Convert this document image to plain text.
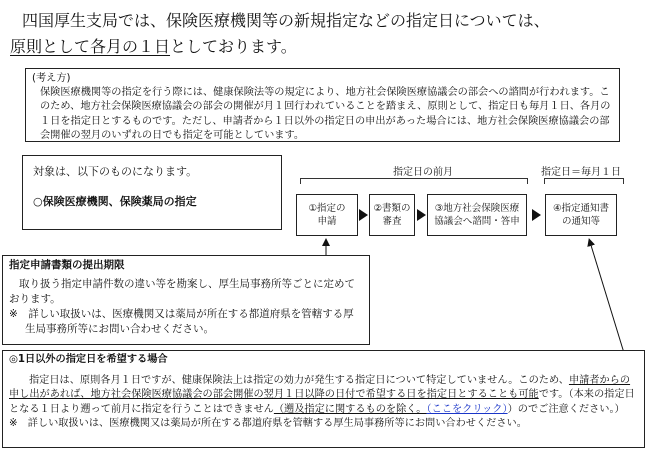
四国厚生支局では、保険医療機関等の新規指定などの指定日については、
原則として各月の１日としております。
(考え方)
保険医療機関等の指定を行う際には、健康保険法等の規定により、地方社会保険医療協議会の部会への諮問が行われます。このため、地方社会保険医療協議会の部会の開催が月１回行われていることを踏まえ、原則として、指定日も毎月１日、各月の１日を指定日とするものです。ただし、申請者から１日以外の指定日の申出があった場合には、地方社会保険医療協議会の部会開催の翌月のいずれの日でも指定を可能としています。
対象は、以下のものになります。
○保険医療機関、保険薬局の指定
指定日の前月	指定日＝毎月１日
①指定の
申請
②書類の
審査
③地方社会保険医療
協議会へ諮問・答申
④指定通知書
の通知等
指定申請書類の提出期限
取り扱う指定申請件数の違い等を勘案し、厚生局事務所等ごとに定めております。
※　詳しい取扱いは、医療機関又は薬局が所在する都道府県を管轄する厚生局事務所等にお問い合わせください。
◎1日以外の指定日を希望する場合
指定日は、原則各月１日ですが、健康保険法上は指定の効力が発生する指定日について特定していません。このため、申請者からの申し出があれば、地方社会保険医療協議会の部会開催の翌月１日以降の日付で希望する日を指定日とすることも可能です。（本来の指定日となる１日より遡って前月に指定を行うことはできません（遡及指定に関するものを除く。（ここをクリック））のでご注意ください。）
※　詳しい取扱いは、医療機関又は薬局が所在する都道府県を管轄する厚生局事務所等にお問い合わせください。
